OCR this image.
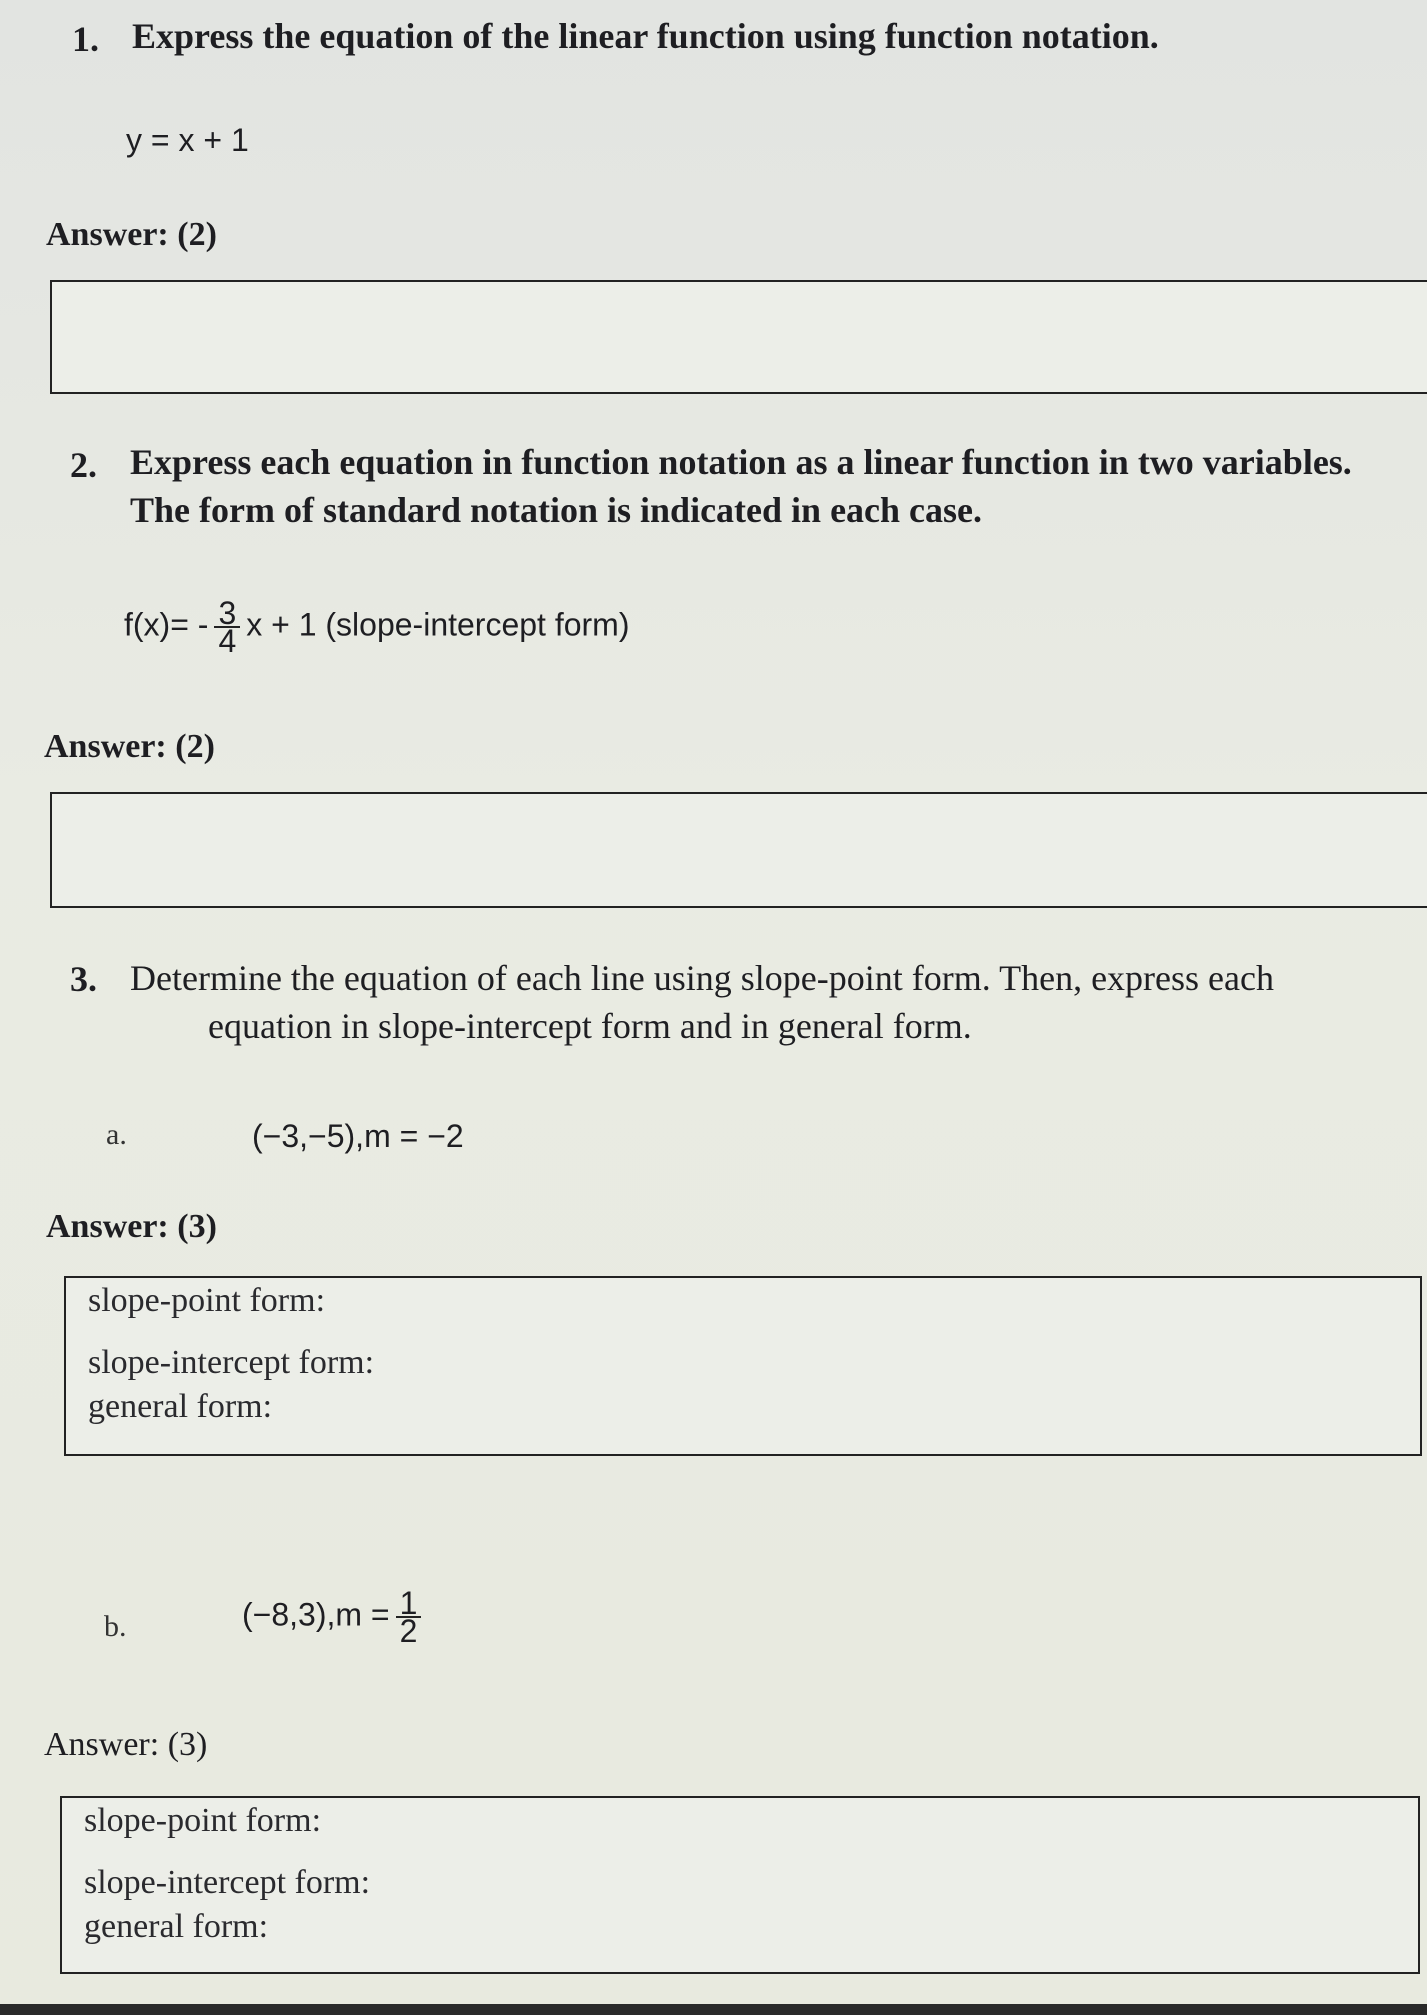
1. Express the equation of the linear function using function notation.
y = x + 1
Answer: (2)
2. Express each equation in function notation as a linear function in two variables.
The form of standard notation is indicated in each case.
$f(x)= - \frac{3}{4}$ x + 1 (slope-intercept form)
Answer: (2)
3. Determine the equation of each line using slope-point form. Then, express each
equation in slope-intercept form and in general form.
a.	(−3,−5),m = −2
Answer: (3)
slope-point form:
slope-intercept form:
general form:
b.	$(-8,3),m = \frac{1}{2}$
Answer: (3)
slope-point form:
slope-intercept form:
general form:
